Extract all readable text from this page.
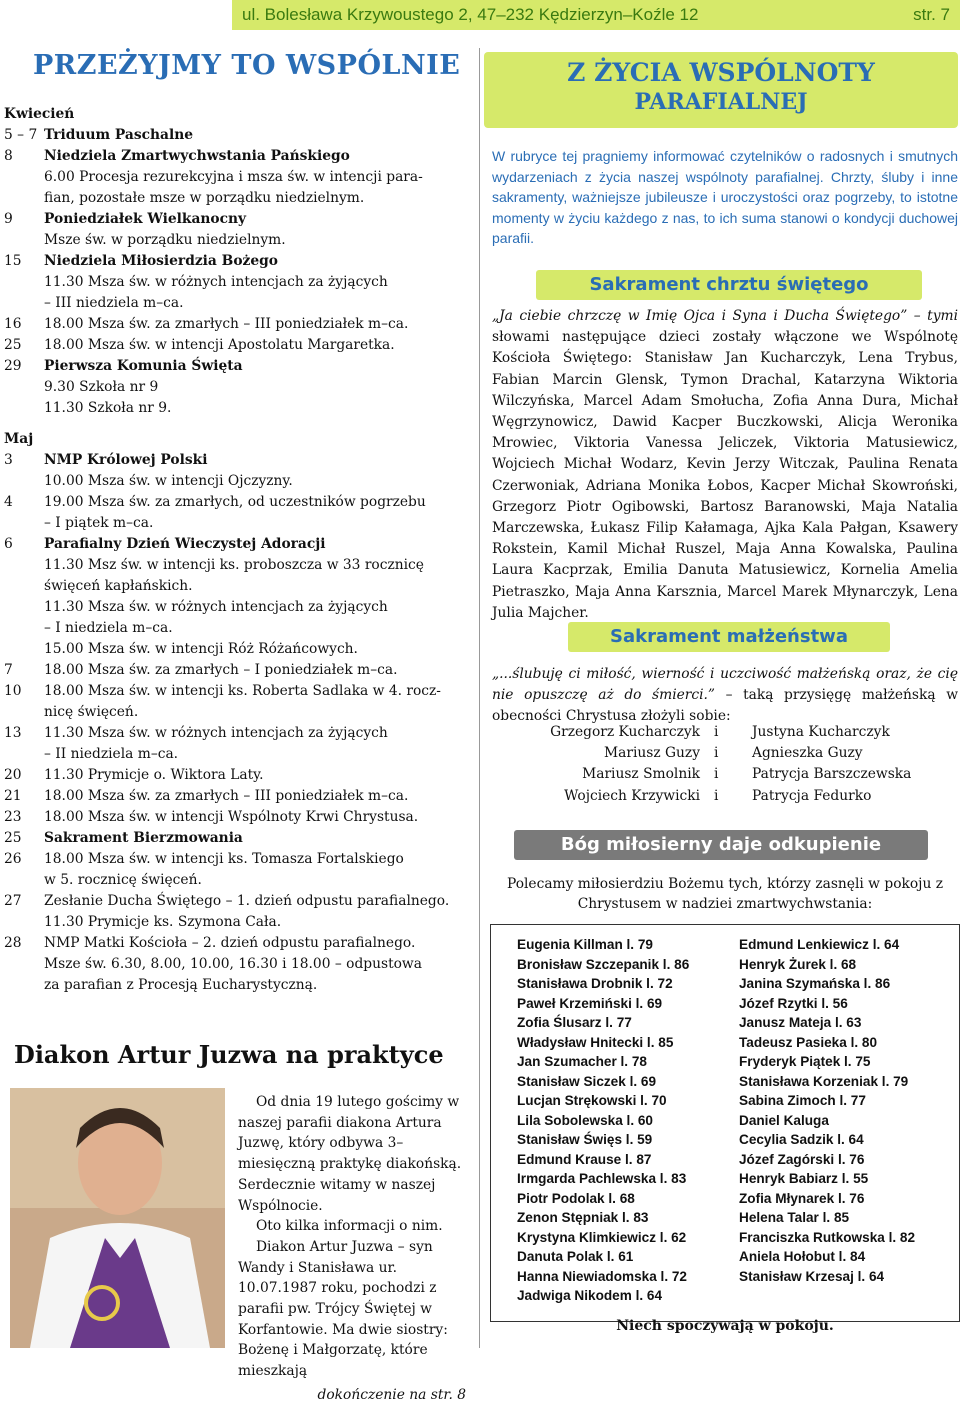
ul. Bolesława Krzywoustego 2, 47–232 Kędzierzyn–Koźle 12	str. 7
PRZEŻYJMY TO WSPÓLNIE
Kwiecień
5 – 7 Triduum Paschalne
8	Niedziela Zmartwychwstania Pańskiego
6.00 Procesja rezurekcyjna i msza św. w intencji para-
fian, pozostałe msze w porządku niedzielnym.
9	Poniedziałek Wielkanocny
Msze św. w porządku niedzielnym.
15	Niedziela Miłosierdzia Bożego
11.30 Msza św. w różnych intencjach za żyjących
– III niedziela m–ca.
16	18.00 Msza św. za zmarłych – III poniedziałek m–ca.
25	18.00 Msza św. w intencji Apostolatu Margaretka.
29	Pierwsza Komunia Święta
9.30 Szkoła nr 9
11.30 Szkoła nr 9.
Maj
3	NMP Królowej Polski
10.00 Msza św. w intencji Ojczyzny.
4	19.00 Msza św. za zmarłych, od uczestników pogrzebu
– I piątek m–ca.
6	Parafialny Dzień Wieczystej Adoracji
11.30 Msz św. w intencji ks. proboszcza w 33 rocznicę
święceń kapłańskich.
11.30 Msza św. w różnych intencjach za żyjących
– I niedziela m–ca.
15.00 Msza św. w intencji Róż Różańcowych.
7	18.00 Msza św. za zmarłych – I poniedziałek m–ca.
10	18.00 Msza św. w intencji ks. Roberta Sadlaka w 4. rocz-
nicę święceń.
13	11.30 Msza św. w różnych intencjach za żyjących
– II niedziela m–ca.
20	11.30 Prymicje o. Wiktora Laty.
21	18.00 Msza św. za zmarłych – III poniedziałek m–ca.
23	18.00 Msza św. w intencji Wspólnoty Krwi Chrystusa.
25	Sakrament Bierzmowania
26	18.00 Msza św. w intencji ks. Tomasza Fortalskiego
w 5. rocznicę święceń.
27	Zesłanie Ducha Świętego – 1. dzień odpustu parafialnego.
11.30 Prymicje ks. Szymona Cała.
28	NMP Matki Kościoła – 2. dzień odpustu parafialnego.
Msze św. 6.30, 8.00, 10.00, 16.30 i 18.00 – odpustowa
za parafian z Procesją Eucharystyczną.
Diakon Artur Juzwa na praktyce

Od dnia 19 lutego gościmy w naszej parafii diakona Artura Juzwę, który odbywa 3–miesięczną praktykę diakońską. Serdecznie witamy w naszej Wspólnocie.

Oto kilka informacji o nim.

Diakon Artur Juzwa – syn Wandy i Stanisława ur. 10.07.1987 roku, pochodzi z parafii pw. Trójcy Świętej w Korfantowie. Ma dwie siostry: Bożenę i Małgorzatę, które mieszkają

dokończenie na str. 8

Z ŻYCIA WSPÓLNOTY
PARAFIALNEJ
W rubryce tej pragniemy informować czytelników o radosnych i smutnych wydarzeniach z życia naszej wspólnoty parafialnej. Chrzty, śluby i inne sakramenty, ważniejsze jubileusze i uroczystości oraz pogrzeby, to istotne momenty w życiu każdego z nas, to ich suma stanowi o kondycji duchowej parafii.
Sakrament chrztu świętego
„Ja ciebie chrzczę w Imię Ojca i Syna i Ducha Świętego” – tymi słowami następujące dzieci zostały włączone we Wspólnotę Kościoła Świętego: Stanisław Jan Kucharczyk, Lena Trybus, Fabian Marcin Glensk, Tymon Drachal, Katarzyna Wiktoria Wilczyńska, Marcel Adam Smołucha, Zofia Anna Dura, Michał Węgrzynowicz, Dawid Kacper Buczkowski, Alicja Weronika Mrowiec, Viktoria Vanessa Jeliczek, Viktoria Matusiewicz, Wojciech Michał Wodarz, Kevin Jerzy Witczak, Paulina Renata Czerwoniak, Adriana Monika Łobos, Kacper Michał Skowroński, Grzegorz Piotr Ogibowski, Bartosz Baranowski, Maja Natalia Marczewska, Łukasz Filip Kałamaga, Ajka Kala Pałgan, Ksawery Rokstein, Kamil Michał Ruszel, Maja Anna Kowalska, Paulina Laura Kacprzak, Emilia Danuta Matusiewicz, Kornelia Amelia Pietraszko, Maja Anna Karsznia, Marcel Marek Młynarczyk, Lena Julia Majcher.
Sakrament małżeństwa
„...ślubuję ci miłość, wierność i uczciwość małżeńską oraz, że cię nie opuszczę aż do śmierci.” – taką przysięgę małżeńską w obecności Chrystusa złożyli sobie:
Grzegorz Kucharczyk i Justyna Kucharczyk
Mariusz Guzy i Agnieszka Guzy
Mariusz Smolnik i Patrycja Barszczewska
Wojciech Krzywicki i Patrycja Fedurko
Bóg miłosierny daje odkupienie
Polecamy miłosierdziu Bożemu tych, którzy zasnęli w pokoju z Chrystusem w nadziei zmartwychwstania:
Eugenia Killman l. 79
Bronisław Szczepanik l. 86
Stanisława Drobnik l. 72
Paweł Krzemiński l. 69
Zofia Ślusarz l. 77
Władysław Hnitecki l. 85
Jan Szumacher l. 78
Stanisław Siczek l. 69
Lucjan Strękowski l. 70
Lila Sobolewska l. 60
Stanisław Święs l. 59
Edmund Krause l. 87
Irmgarda Pachlewska l. 83
Piotr Podolak l. 68
Zenon Stępniak l. 83
Krystyna Klimkiewicz l. 62
Danuta Polak l. 61
Hanna Niewiadomska l. 72
Jadwiga Nikodem l. 64
Edmund Lenkiewicz l. 64
Henryk Żurek l. 68
Janina Szymańska l. 86
Józef Rzytki l. 56
Janusz Mateja l. 63
Tadeusz Pasieka l. 80
Fryderyk Piątek l. 75
Stanisława Korzeniak l. 79
Sabina Zimoch l. 77
Daniel Kaluga
Cecylia Sadzik l. 64
Józef Zagórski l. 76
Henryk Babiarz l. 55
Zofia Młynarek l. 76
Helena Talar l. 85
Franciszka Rutkowska l. 82
Aniela Hołobut l. 84
Stanisław Krzesaj l. 64
Niech spoczywają w pokoju.
